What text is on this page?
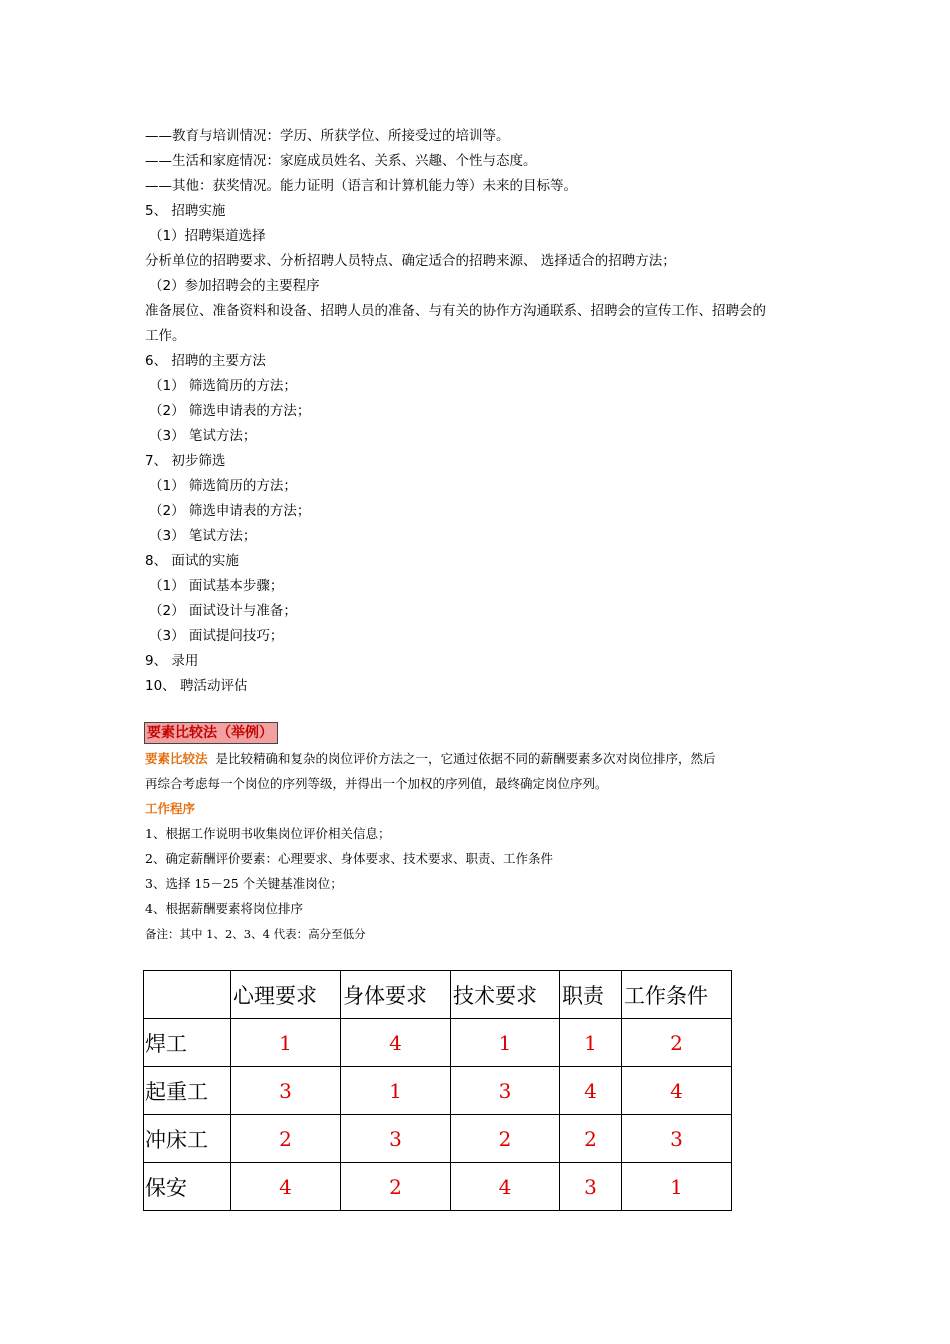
——教育与培训情况：学历、所获学位、所接受过的培训等。
——生活和家庭情况：家庭成员姓名、关系、兴趣、个性与态度。
——其他：获奖情况。能力证明（语言和计算机能力等）未来的目标等。
5、 招聘实施
（1）招聘渠道选择
分析单位的招聘要求、分析招聘人员特点、确定适合的招聘来源、 选择适合的招聘方法；
（2）参加招聘会的主要程序
准备展位、准备资料和设备、招聘人员的准备、与有关的协作方沟通联系、招聘会的宣传工作、招聘会的
工作。
6、 招聘的主要方法
（1） 筛选简历的方法；
（2） 筛选申请表的方法；
（3） 笔试方法；
7、 初步筛选
（1） 筛选简历的方法；
（2） 筛选申请表的方法；
（3） 笔试方法；
8、 面试的实施
（1） 面试基本步骤；
（2） 面试设计与准备；
（3） 面试提问技巧；
9、 录用
10、 聘活动评估
要素比较法（举例）
要素比较法 是比较精确和复杂的岗位评价方法之一，它通过依据不同的薪酬要素多次对岗位排序，然后
再综合考虑每一个岗位的序列等级，并得出一个加权的序列值，最终确定岗位序列。
工作程序
1、根据工作说明书收集岗位评价相关信息；
2、确定薪酬评价要素：心理要求、身体要求、技术要求、职责、工作条件
3、选择 15－25 个关键基准岗位；
4、根据薪酬要素将岗位排序
备注：其中 1、2、3、4 代表：高分至低分
	心理要求	身体要求	技术要求	职责	工作条件
焊工	1	4	1	1	2
起重工	3	1	3	4	4
冲床工	2	3	2	2	3
保安	4	2	4	3	1
